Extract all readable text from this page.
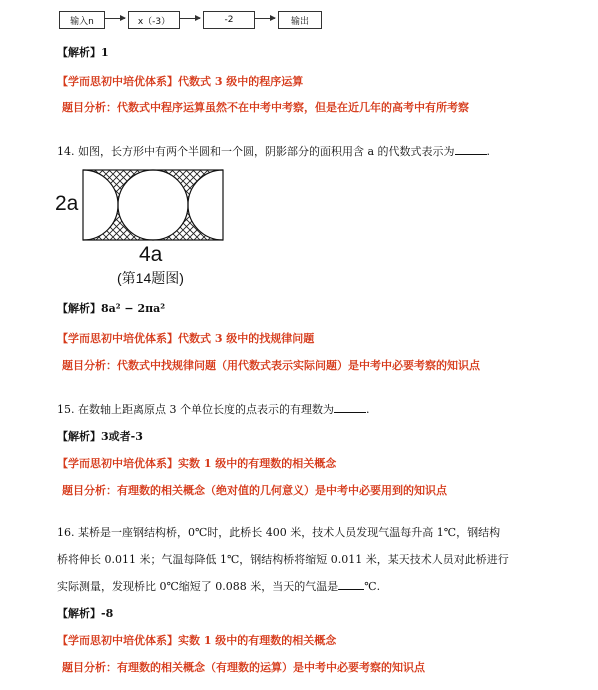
输入n	x（-3）	-2	输出
【解析】1
【学而思初中培优体系】代数式 3 级中的程序运算
题目分析：代数式中程序运算虽然不在中考中考察，但是在近几年的高考中有所考察
14. 如图，长方形中有两个半圆和一个圆，阴影部分的面积用含 a 的代数式表示为	.
2a
4a
(第14题图)
【解析】8a² − 2πa²
【学而思初中培优体系】代数式 3 级中的找规律问题
题目分析：代数式中找规律问题（用代数式表示实际问题）是中考中必要考察的知识点
15. 在数轴上距离原点 3 个单位长度的点表示的有理数为	.
【解析】3或者-3
【学而思初中培优体系】实数 1 级中的有理数的相关概念
题目分析：有理数的相关概念（绝对值的几何意义）是中考中必要用到的知识点
16. 某桥是一座钢结构桥，0℃时，此桥长 400 米，技术人员发现气温每升高 1℃，钢结构
桥将伸长 0.011 米；气温每降低 1℃，钢结构桥将缩短 0.011 米，某天技术人员对此桥进行
实际测量，发现桥比 0℃缩短了 0.088 米，当天的气温是 ℃.
【解析】-8
【学而思初中培优体系】实数 1 级中的有理数的相关概念
题目分析：有理数的相关概念（有理数的运算）是中考中必要考察的知识点
